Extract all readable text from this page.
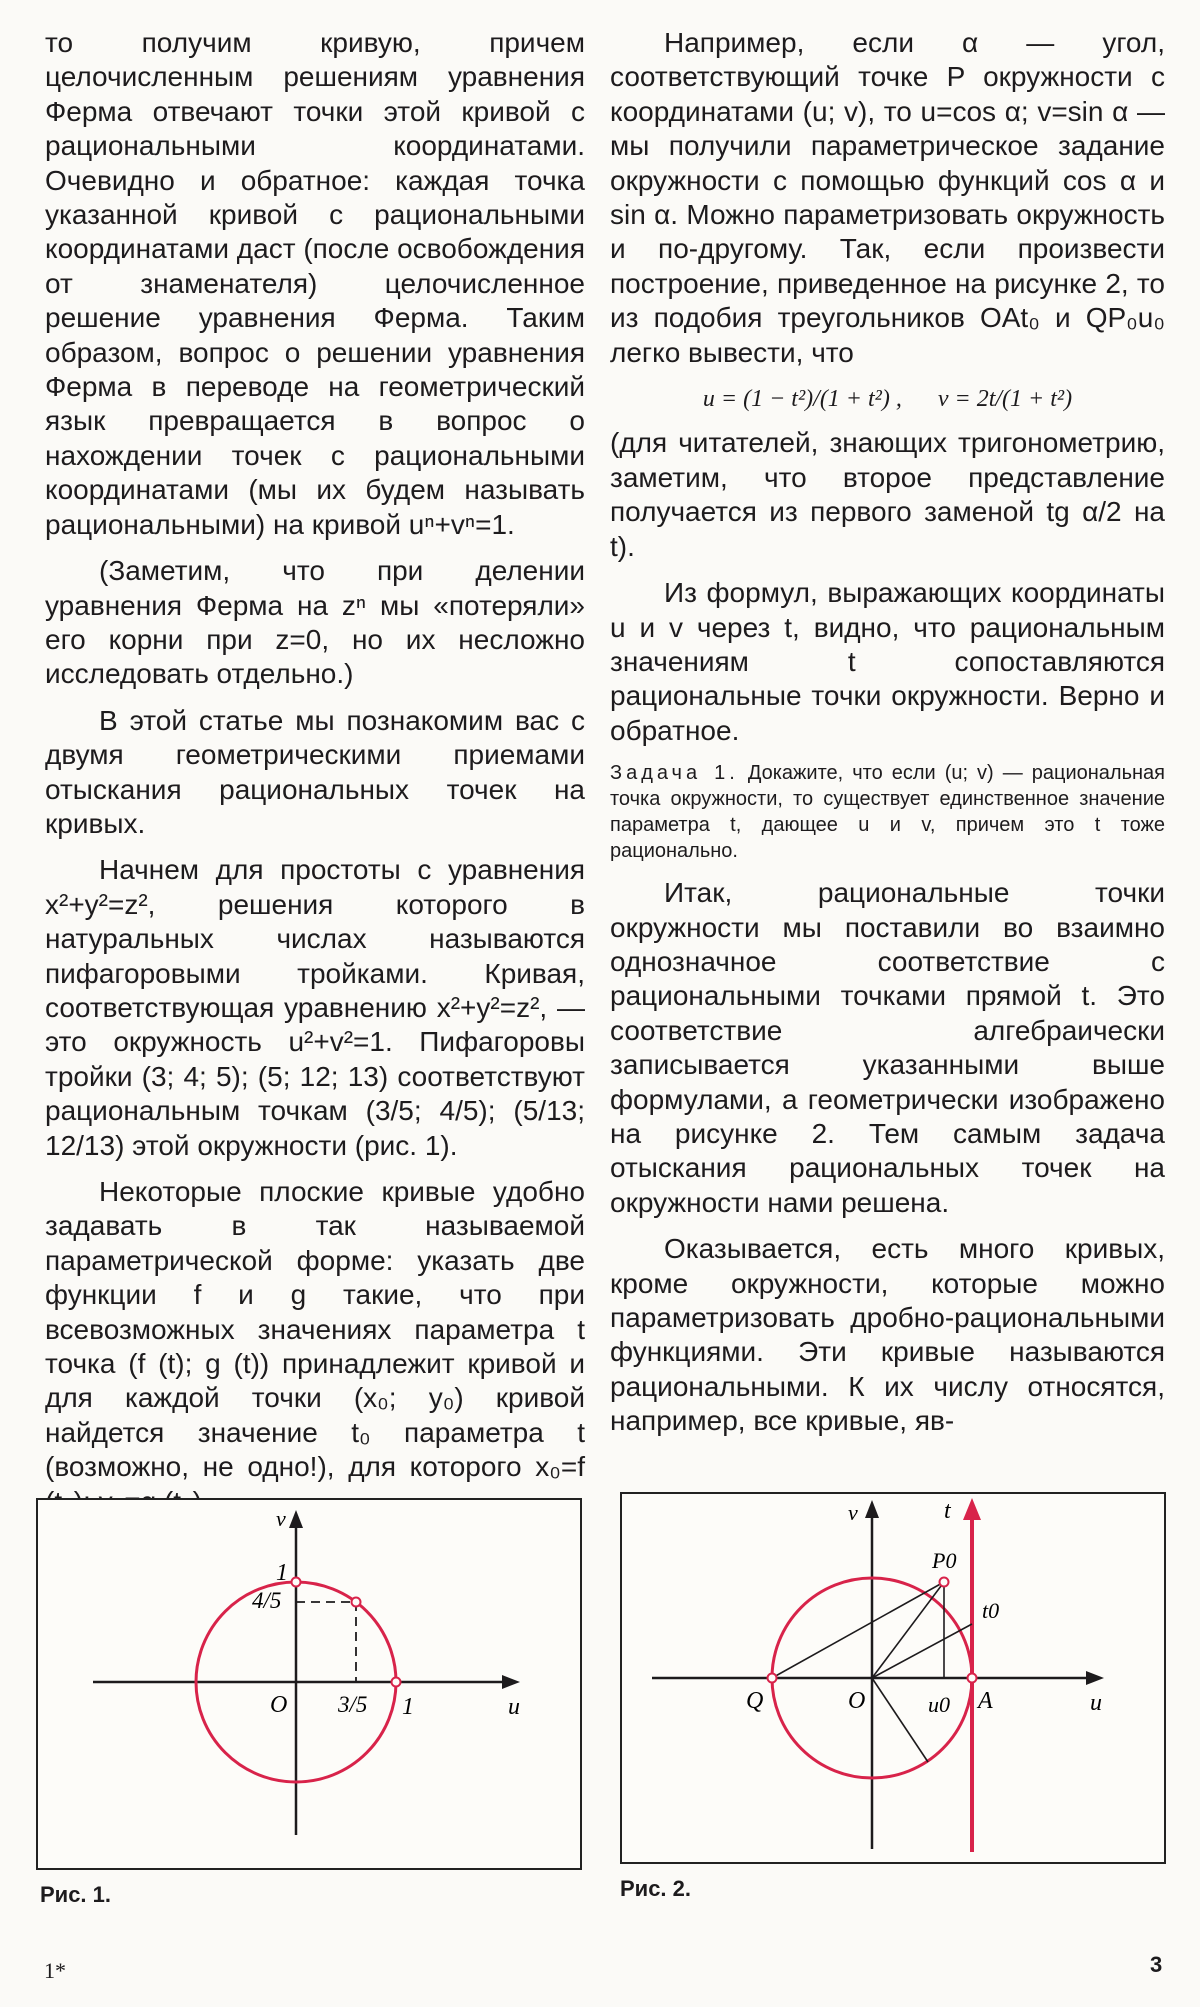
то получим кривую, причем целочисленным решениям уравнения Ферма отвечают точки этой кривой с рациональными координатами. Очевидно и обратное: каждая точка указанной кривой с рациональными координатами даст (после освобождения от знаменателя) целочисленное решение уравнения Ферма. Таким образом, вопрос о решении уравнения Ферма в переводе на геометрический язык превращается в вопрос о нахождении точек с рациональными координатами (мы их будем называть рациональными) на кривой uⁿ+vⁿ=1.

(Заметим, что при делении уравнения Ферма на zⁿ мы «потеряли» его корни при z=0, но их несложно исследовать отдельно.)

В этой статье мы познакомим вас с двумя геометрическими приемами отыскания рациональных точек на кривых.

Начнем для простоты с уравнения x²+y²=z², решения которого в натуральных числах называются пифагоровыми тройками. Кривая, соответствующая уравнению x²+y²=z², — это окружность u²+v²=1. Пифагоровы тройки (3; 4; 5); (5; 12; 13) соответствуют рациональным точкам (3/5; 4/5); (5/13; 12/13) этой окружности (рис. 1).

Некоторые плоские кривые удобно задавать в так называемой параметрической форме: указать две функции f и g такие, что при всевозможных значениях параметра t точка (f (t); g (t)) принадлежит кривой и для каждой точки (x₀; y₀) кривой найдется значение t₀ параметра t (возможно, не одно!), для которого x₀=f

Например, если α — угол, соответствующий точке P окружности с координатами (u; v), то u=cos α; v=sin α — мы получили параметрическое задание окружности с помощью функций cos α и sin α. Можно параметризовать окружность и по-другому. Так, если произвести построение, приведенное на рисунке 2, то из подобия треугольников OAt₀ и QP₀u₀ легко вывести, что

u = (1 − t²)/(1 + t²) , v = 2t/(1 + t²)

(для читателей, знающих тригонометрию, заметим, что второе представление получается из первого заменой tg α/2 на t).

Из формул, выражающих координаты u и v через t, видно, что рациональным значениям t сопоставляются рациональные точки окружности. Верно и обратное.

Задача 1. Докажите, что если (u; v) — рациональная точка окружности, то существует единственное значение параметра t, дающее u и v, причем это t тоже рационально.

Итак, рациональные точки окружности мы поставили во взаимно однозначное соответствие с рациональными точками прямой t. Это соответствие алгебраически записывается указанными выше формулами, а геометрически изображено на рисунке 2. Тем самым задача отыскания рациональных точек на окружности нами решена.

Оказывается, есть много кривых, кроме окружности, которые можно параметризовать дробно-рациональными функциями. Эти кривые называются рациональными. К их числу относятся, например, все кривые, яв-

v
u
O
1
1
4/5
3/5
Рис. 1.
v	t
u
O
Q	A
P0
t0
u0
Рис. 2.
1*	3
